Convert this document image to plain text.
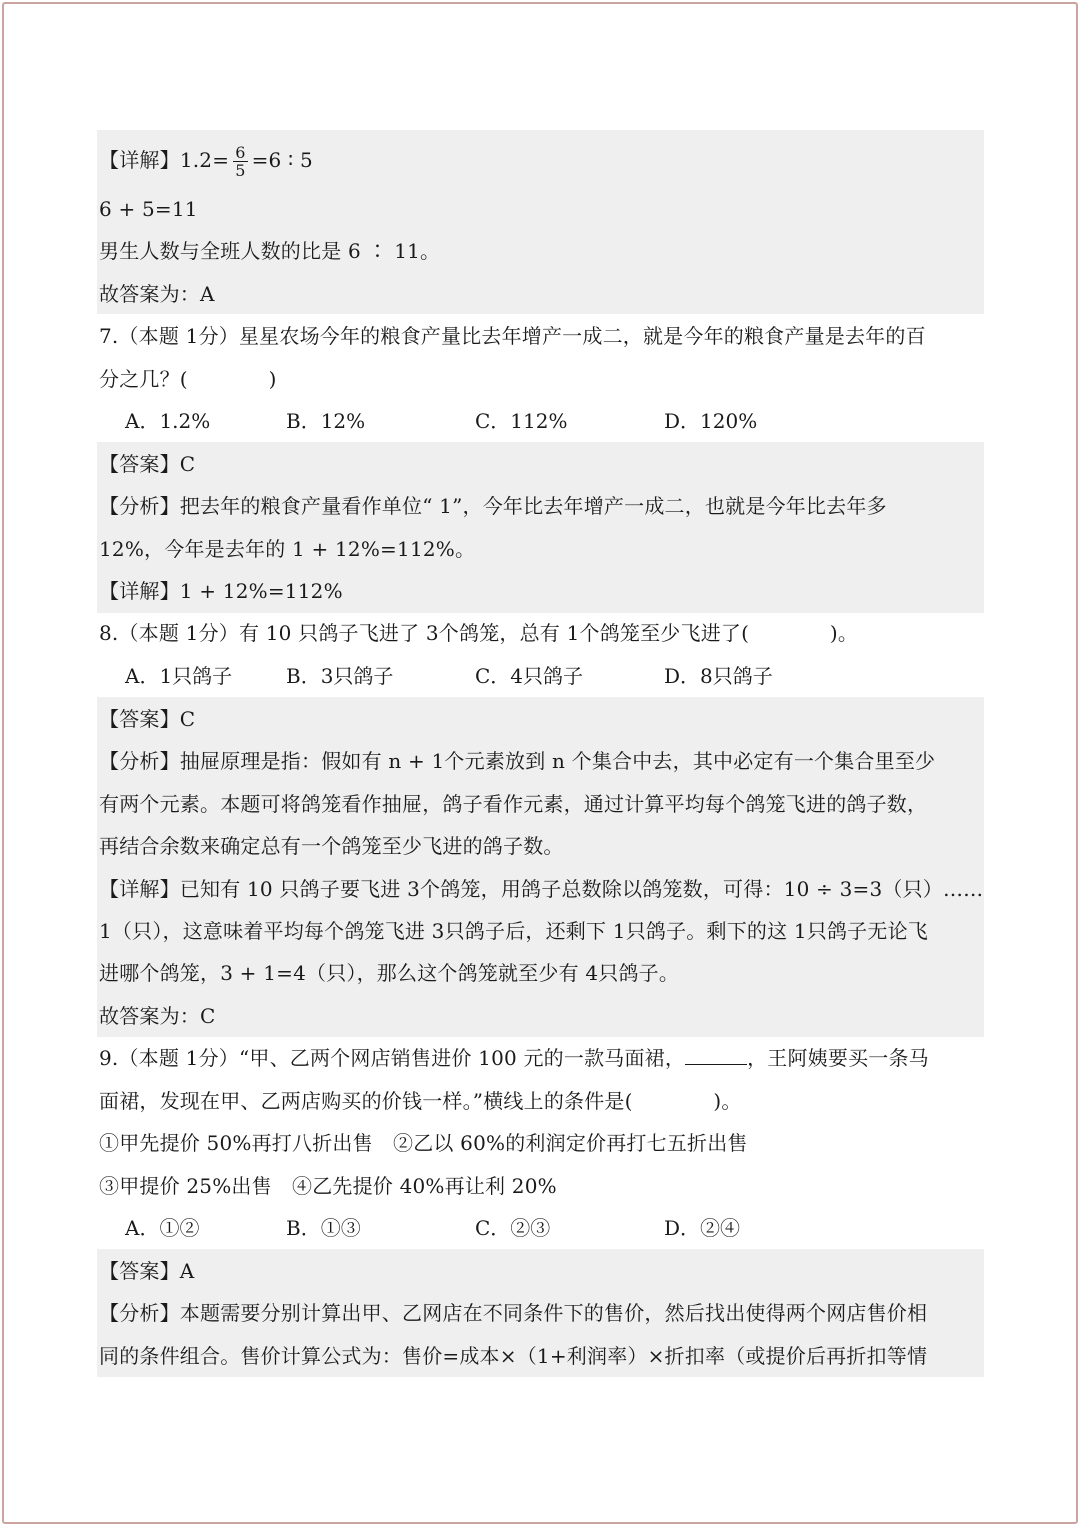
【详解】$1.2= \frac{6}{5} =6$ ∶ 5
6 + 5=11
男生人数与全班人数的比是 6 ∶ 11。
故答案为：A
7.（本题 1分）星星农场今年的粮食产量比去年增产一成二，就是今年的粮食产量是去年的百
分之几？(　　　　)
A．1.2%	B．12%	C．112%	D．120%
【答案】C
【分析】把去年的粮食产量看作单位“ 1”，今年比去年增产一成二，也就是今年比去年多
12%，今年是去年的 1 + 12%=112%。
【详解】1 + 12%=112%
8.（本题 1分）有 10 只鸽子飞进了 3个鸽笼，总有 1个鸽笼至少飞进了(　　　　)。
A．1只鸽子	B．3只鸽子	C．4只鸽子	D．8只鸽子
【答案】C
【分析】抽屉原理是指：假如有 n + 1个元素放到 n 个集合中去，其中必定有一个集合里至少
有两个元素。本题可将鸽笼看作抽屉，鸽子看作元素，通过计算平均每个鸽笼飞进的鸽子数，
再结合余数来确定总有一个鸽笼至少飞进的鸽子数。
【详解】已知有 10 只鸽子要飞进 3个鸽笼，用鸽子总数除以鸽笼数，可得：10 ÷ 3=3（只）……
1（只），这意味着平均每个鸽笼飞进 3只鸽子后，还剩下 1只鸽子。剩下的这 1只鸽子无论飞
进哪个鸽笼，3 + 1=4（只），那么这个鸽笼就至少有 4只鸽子。
故答案为：C
9.（本题 1分）“甲、乙两个网店销售进价 100 元的一款马面裙，	，王阿姨要买一条马
面裙，发现在甲、乙两店购买的价钱一样。”横线上的条件是(　　　　)。
①甲先提价 50%再打八折出售　②乙以 60%的利润定价再打七五折出售
③甲提价 25%出售　④乙先提价 40%再让利 20%
A．①②	B．①③	C．②③	D．②④
【答案】A
【分析】本题需要分别计算出甲、乙网店在不同条件下的售价，然后找出使得两个网店售价相
同的条件组合。售价计算公式为：售价=成本×（1+利润率）×折扣率（或提价后再折扣等情
